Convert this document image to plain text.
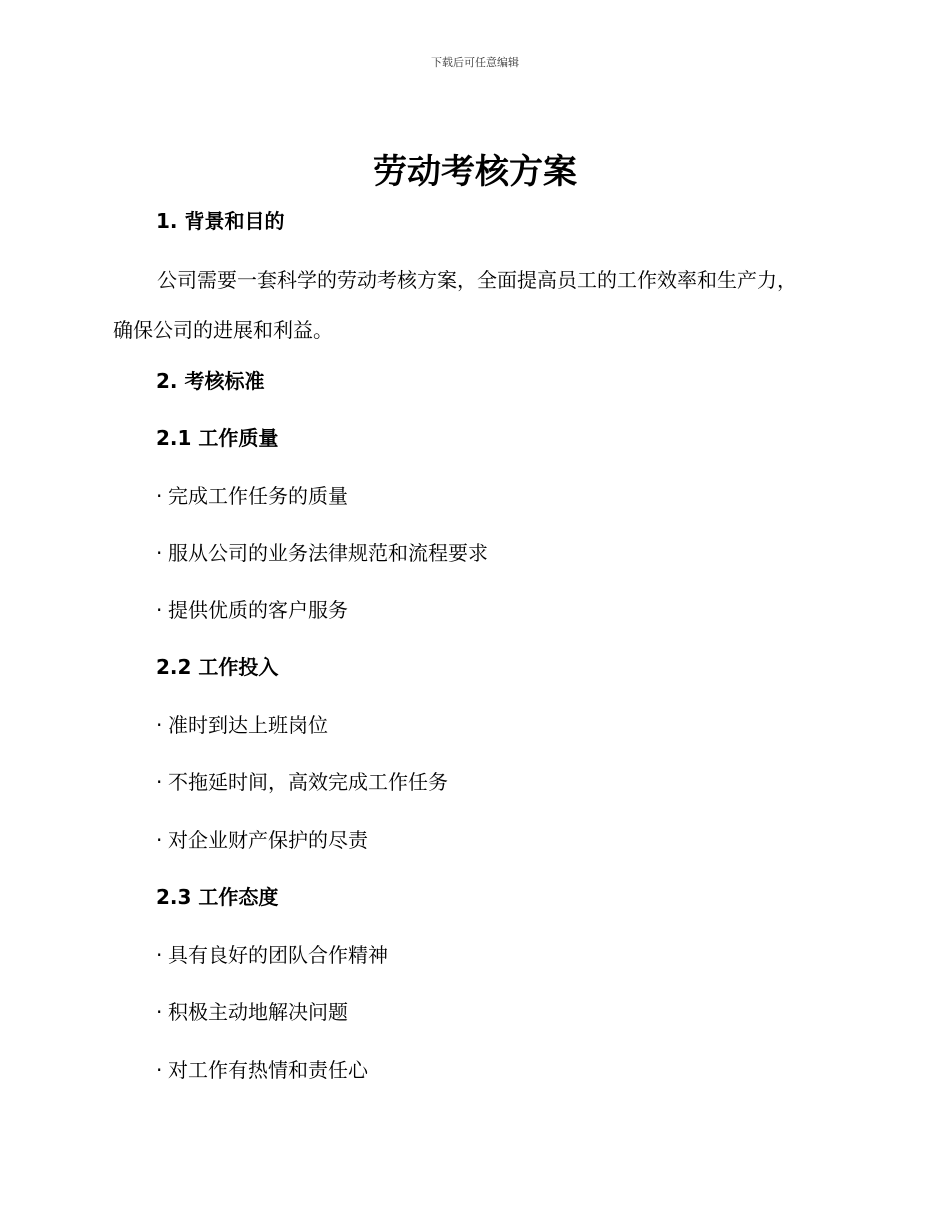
下载后可任意编辑
劳动考核方案

1. 背景和目的

公司需要一套科学的劳动考核方案，全面提高员工的工作效率和生产力，确保公司的进展和利益。

2. 考核标准

2.1 工作质量

· 完成工作任务的质量

· 服从公司的业务法律规范和流程要求

· 提供优质的客户服务

2.2 工作投入

· 准时到达上班岗位

· 不拖延时间，高效完成工作任务

· 对企业财产保护的尽责

2.3 工作态度

· 具有良好的团队合作精神

· 积极主动地解决问题

· 对工作有热情和责任心
